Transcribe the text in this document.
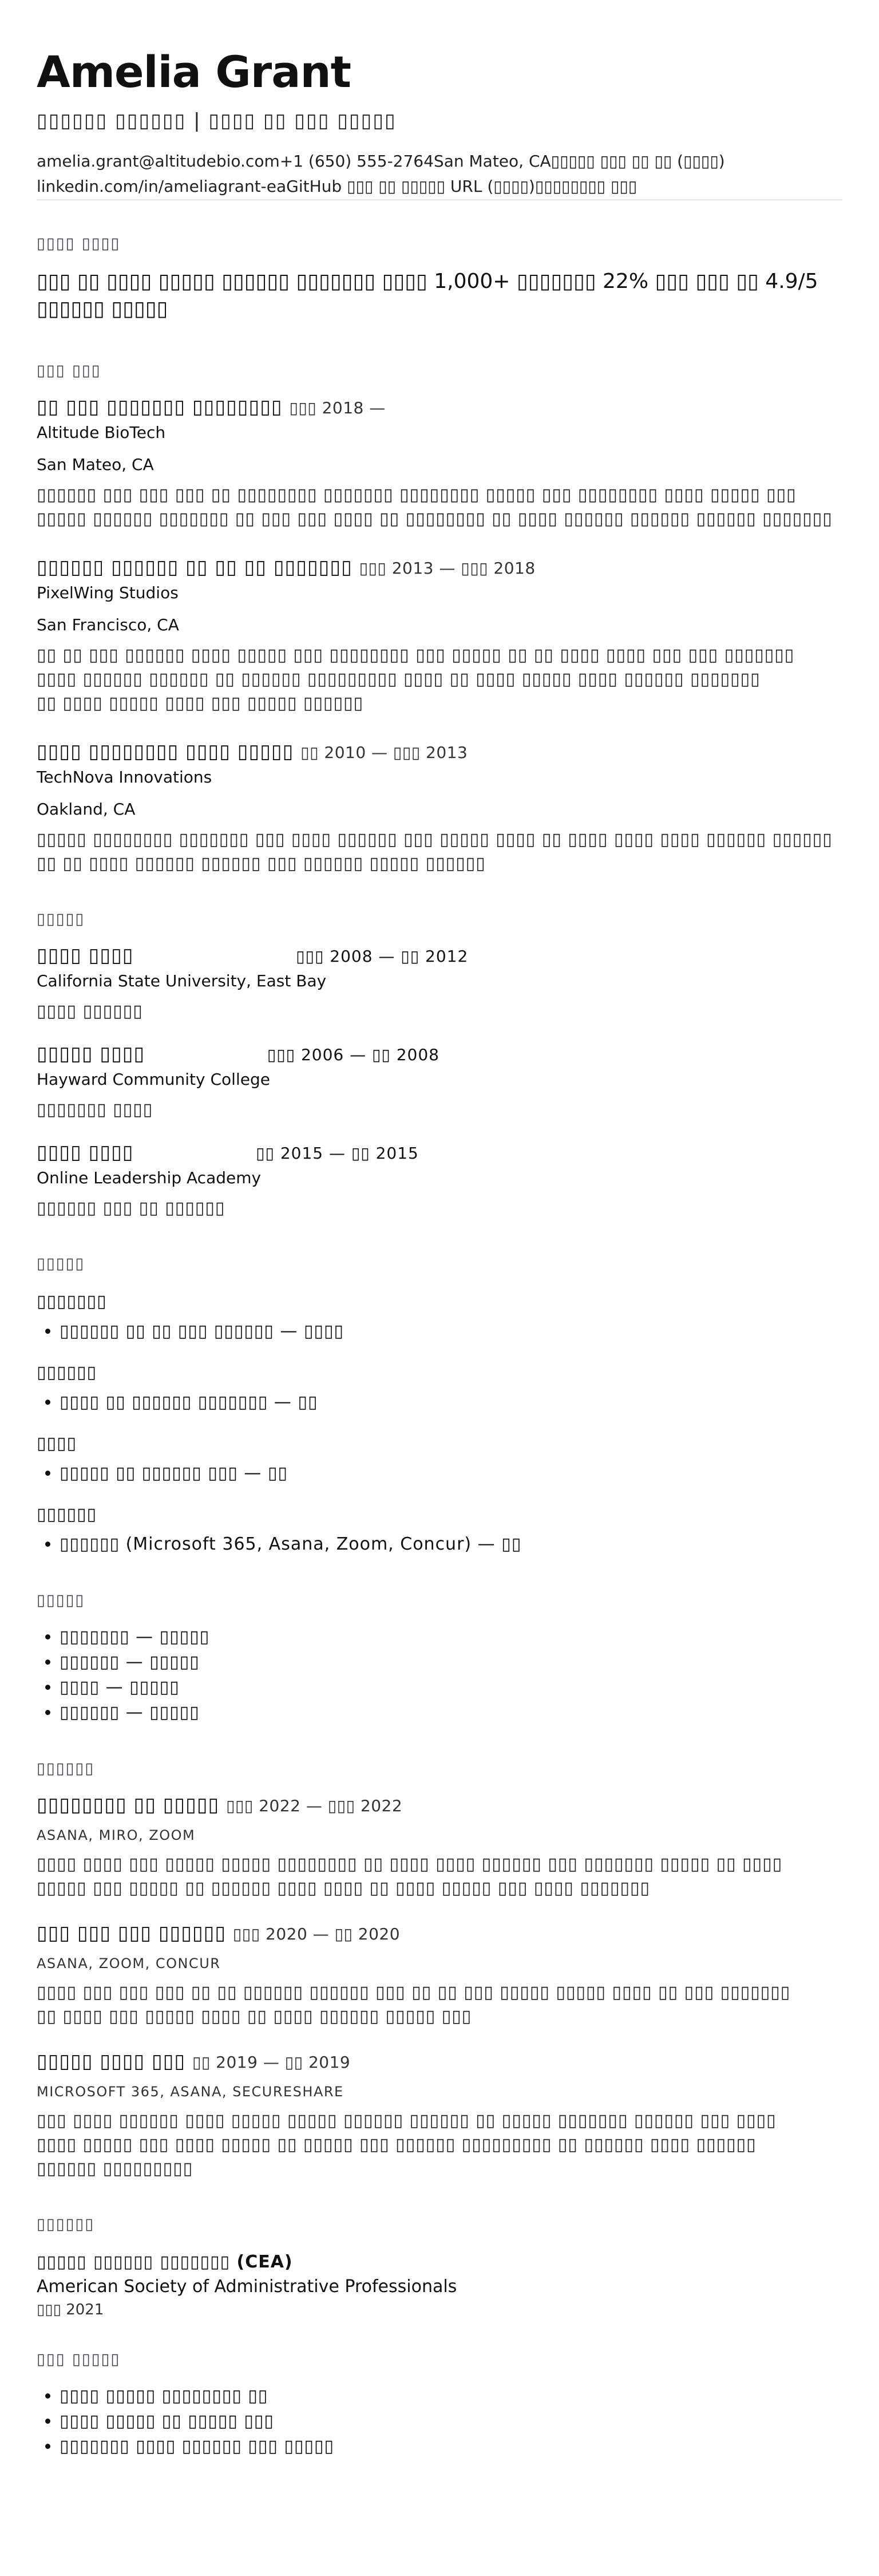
Amelia Grant
▯▯▯▯▯▯ ▯▯▯▯▯▯ | ▯▯▯▯ ▯▯ ▯▯▯ ▯▯▯▯▯
amelia.grant@altitudebio.com+1 (650) 555-2764San Mateo, CA▯▯▯▯▯ ▯▯▯ ▯▯ ▯▯ (▯▯▯▯)
linkedin.com/in/ameliagrant-eaGitHub ▯▯▯ ▯▯ ▯▯▯▯▯ URL (▯▯▯▯)▯▯▯▯▯▯▯▯ ▯▯▯
▯▯▯▯ ▯▯▯▯
▯▯▯ ▯▯ ▯▯▯▯ ▯▯▯▯▯ ▯▯▯▯▯▯ ▯▯▯▯▯▯▯ ▯▯▯▯ 1,000+ ▯▯▯▯▯▯▯ 22% ▯▯▯ ▯▯▯ ▯▯ 4.9/5
▯▯▯▯▯▯ ▯▯▯▯▯
▯▯▯ ▯▯▯
▯▯ ▯▯▯ ▯▯▯▯▯▯▯ ▯▯▯▯▯▯▯▯ ▯▯▯ 2018 —
Altitude BioTech
San Mateo, CA
▯▯▯▯▯▯ ▯▯▯ ▯▯▯ ▯▯▯ ▯▯ ▯▯▯▯▯▯▯▯ ▯▯▯▯▯▯▯ ▯▯▯▯▯▯▯▯ ▯▯▯▯▯ ▯▯▯ ▯▯▯▯▯▯▯▯ ▯▯▯▯ ▯▯▯▯▯ ▯▯▯
▯▯▯▯▯ ▯▯▯▯▯▯ ▯▯▯▯▯▯▯ ▯▯ ▯▯▯ ▯▯▯ ▯▯▯▯ ▯▯ ▯▯▯▯▯▯▯▯ ▯▯ ▯▯▯▯ ▯▯▯▯▯▯ ▯▯▯▯▯▯ ▯▯▯▯▯▯ ▯▯▯▯▯▯▯
▯▯▯▯▯▯ ▯▯▯▯▯▯ ▯▯ ▯▯ ▯▯ ▯▯▯▯▯▯▯ ▯▯▯ 2013 — ▯▯▯ 2018
PixelWing Studios
San Francisco, CA
▯▯ ▯▯ ▯▯▯ ▯▯▯▯▯▯ ▯▯▯▯ ▯▯▯▯▯ ▯▯▯ ▯▯▯▯▯▯▯▯ ▯▯▯ ▯▯▯▯▯ ▯▯ ▯▯ ▯▯▯▯ ▯▯▯▯ ▯▯▯ ▯▯▯ ▯▯▯▯▯▯▯
▯▯▯▯ ▯▯▯▯▯▯ ▯▯▯▯▯▯ ▯▯ ▯▯▯▯▯▯ ▯▯▯▯▯▯▯▯▯ ▯▯▯▯ ▯▯ ▯▯▯▯ ▯▯▯▯▯ ▯▯▯▯ ▯▯▯▯▯▯ ▯▯▯▯▯▯▯
▯▯ ▯▯▯▯ ▯▯▯▯▯ ▯▯▯▯ ▯▯▯ ▯▯▯▯▯ ▯▯▯▯▯▯
▯▯▯▯ ▯▯▯▯▯▯▯▯ ▯▯▯▯ ▯▯▯▯▯ ▯▯ 2010 — ▯▯▯ 2013
TechNova Innovations
Oakland, CA
▯▯▯▯▯ ▯▯▯▯▯▯▯▯ ▯▯▯▯▯▯▯ ▯▯▯ ▯▯▯▯ ▯▯▯▯▯▯ ▯▯▯ ▯▯▯▯▯ ▯▯▯▯ ▯▯ ▯▯▯▯ ▯▯▯▯ ▯▯▯▯ ▯▯▯▯▯▯ ▯▯▯▯▯▯
▯▯ ▯▯ ▯▯▯▯ ▯▯▯▯▯▯ ▯▯▯▯▯▯ ▯▯▯ ▯▯▯▯▯▯ ▯▯▯▯▯ ▯▯▯▯▯▯
▯▯▯▯▯
▯▯▯▯ ▯▯▯▯	▯▯▯ 2008 — ▯▯ 2012
California State University, East Bay
▯▯▯▯ ▯▯▯▯▯▯
▯▯▯▯▯ ▯▯▯▯	▯▯▯ 2006 — ▯▯ 2008
Hayward Community College
▯▯▯▯▯▯▯ ▯▯▯▯
▯▯▯▯ ▯▯▯▯	▯▯ 2015 — ▯▯ 2015
Online Leadership Academy
▯▯▯▯▯▯ ▯▯▯ ▯▯ ▯▯▯▯▯▯
▯▯▯▯▯
▯▯▯▯▯▯▯
• ▯▯▯▯▯▯ ▯▯ ▯▯ ▯▯▯ ▯▯▯▯▯▯ — ▯▯▯▯
▯▯▯▯▯▯
• ▯▯▯▯ ▯▯ ▯▯▯▯▯▯ ▯▯▯▯▯▯▯ — ▯▯
▯▯▯▯
• ▯▯▯▯▯ ▯▯ ▯▯▯▯▯▯ ▯▯▯ — ▯▯
▯▯▯▯▯▯
• ▯▯▯▯▯▯ (Microsoft 365, Asana, Zoom, Concur) — ▯▯
▯▯▯▯▯
• ▯▯▯▯▯▯▯ — ▯▯▯▯▯
• ▯▯▯▯▯▯ — ▯▯▯▯▯
• ▯▯▯▯ — ▯▯▯▯▯
• ▯▯▯▯▯▯ — ▯▯▯▯▯
▯▯▯▯▯▯
▯▯▯▯▯▯▯▯ ▯▯ ▯▯▯▯▯ ▯▯▯ 2022 — ▯▯▯ 2022
ASANA, MIRO, ZOOM
▯▯▯▯ ▯▯▯▯ ▯▯▯ ▯▯▯▯▯ ▯▯▯▯▯ ▯▯▯▯▯▯▯▯ ▯▯ ▯▯▯▯ ▯▯▯▯ ▯▯▯▯▯▯ ▯▯▯ ▯▯▯▯▯▯▯ ▯▯▯▯▯ ▯▯ ▯▯▯▯
▯▯▯▯▯ ▯▯▯ ▯▯▯▯▯ ▯▯ ▯▯▯▯▯▯ ▯▯▯▯ ▯▯▯▯ ▯▯ ▯▯▯▯ ▯▯▯▯▯ ▯▯▯ ▯▯▯▯ ▯▯▯▯▯▯▯
▯▯▯ ▯▯▯ ▯▯▯ ▯▯▯▯▯▯ ▯▯▯ 2020 — ▯▯ 2020
ASANA, ZOOM, CONCUR
▯▯▯▯ ▯▯▯ ▯▯▯ ▯▯▯ ▯▯ ▯▯ ▯▯▯▯▯▯ ▯▯▯▯▯▯ ▯▯▯ ▯▯ ▯▯ ▯▯▯ ▯▯▯▯▯ ▯▯▯▯▯ ▯▯▯▯ ▯▯ ▯▯▯ ▯▯▯▯▯▯▯
▯▯ ▯▯▯▯ ▯▯▯ ▯▯▯▯▯ ▯▯▯▯ ▯▯ ▯▯▯▯ ▯▯▯▯▯▯ ▯▯▯▯▯ ▯▯▯
▯▯▯▯▯ ▯▯▯▯ ▯▯▯ ▯▯ 2019 — ▯▯ 2019
MICROSOFT 365, ASANA, SECURESHARE
▯▯▯ ▯▯▯▯ ▯▯▯▯▯▯ ▯▯▯▯ ▯▯▯▯▯ ▯▯▯▯▯ ▯▯▯▯▯▯ ▯▯▯▯▯▯ ▯▯ ▯▯▯▯▯ ▯▯▯▯▯▯▯ ▯▯▯▯▯▯ ▯▯▯ ▯▯▯▯
▯▯▯▯ ▯▯▯▯▯ ▯▯▯ ▯▯▯▯ ▯▯▯▯▯ ▯▯ ▯▯▯▯▯ ▯▯▯ ▯▯▯▯▯▯ ▯▯▯▯▯▯▯▯▯ ▯▯ ▯▯▯▯▯▯ ▯▯▯▯ ▯▯▯▯▯▯
▯▯▯▯▯▯ ▯▯▯▯▯▯▯▯▯
▯▯▯▯▯▯
▯▯▯▯▯ ▯▯▯▯▯▯ ▯▯▯▯▯▯▯ (CEA)
American Society of Administrative Professionals
▯▯▯ 2021
▯▯▯ ▯▯▯▯▯
• ▯▯▯▯ ▯▯▯▯▯ ▯▯▯▯▯▯▯▯ ▯▯
• ▯▯▯▯ ▯▯▯▯▯ ▯▯ ▯▯▯▯▯ ▯▯▯
• ▯▯▯▯▯▯▯ ▯▯▯▯ ▯▯▯▯▯▯ ▯▯▯ ▯▯▯▯▯
